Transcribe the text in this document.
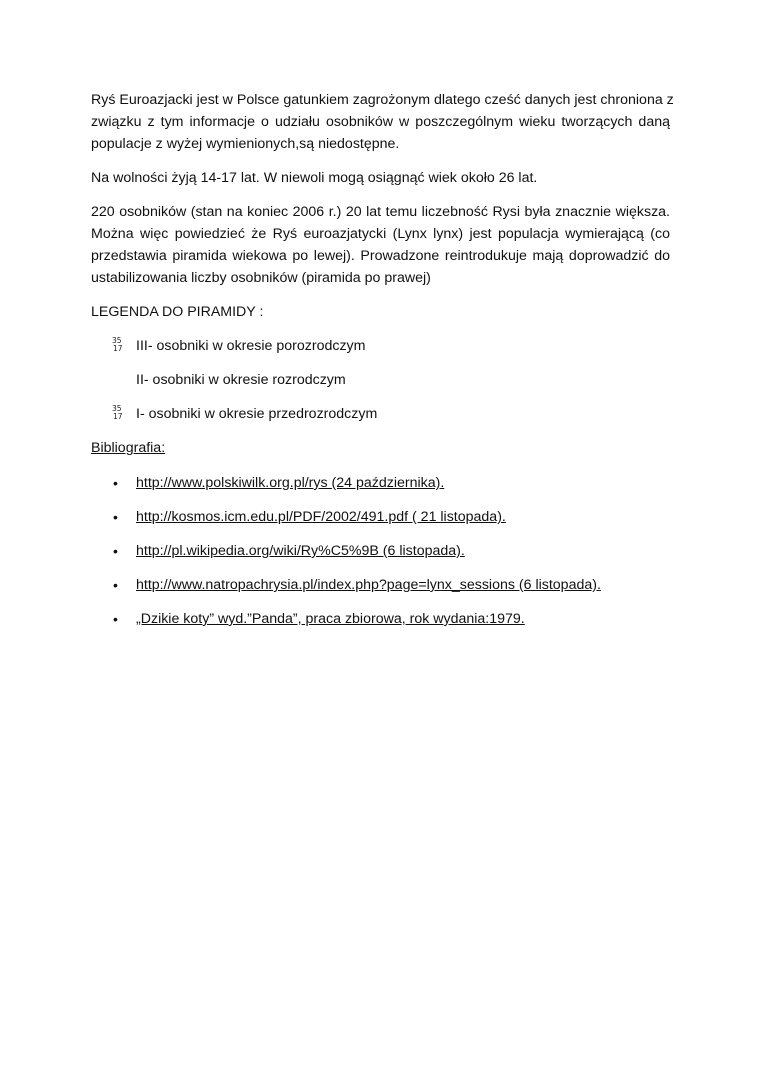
Ryś Euroazjacki jest w Polsce gatunkiem zagrożonym dlatego cześć danych jest chroniona z
związku z tym informacje o udziału osobników w poszczególnym wieku tworzących daną
populacje z wyżej wymienionych,są niedostępne.

Na wolności żyją 14-17 lat. W niewoli mogą osiągnąć wiek około 26 lat.

220 osobników (stan na koniec 2006 r.) 20 lat temu liczebność Rysi była znacznie większa.
Można więc powiedzieć że Ryś euroazjatycki (Lynx lynx) jest populacja wymierającą (co
przedstawia piramida wiekowa po lewej). Prowadzone reintrodukuje mają doprowadzić do
ustabilizowania liczby osobników (piramida po prawej)

LEGENDA DO PIRAMIDY :

35
17 III- osobniki w okresie porozrodczym
II- osobniki w okresie rozrodczym
35
17 I- osobniki w okresie przedrozrodczym

Bibliografia:

• http://www.polskiwilk.org.pl/rys (24 października).
• http://kosmos.icm.edu.pl/PDF/2002/491.pdf ( 21 listopada).
• http://pl.wikipedia.org/wiki/Ry%C5%9B (6 listopada).
• http://www.natropachrysia.pl/index.php?page=lynx_sessions (6 listopada).
• „Dzikie koty” wyd.”Panda”, praca zbiorowa, rok wydania:1979.
